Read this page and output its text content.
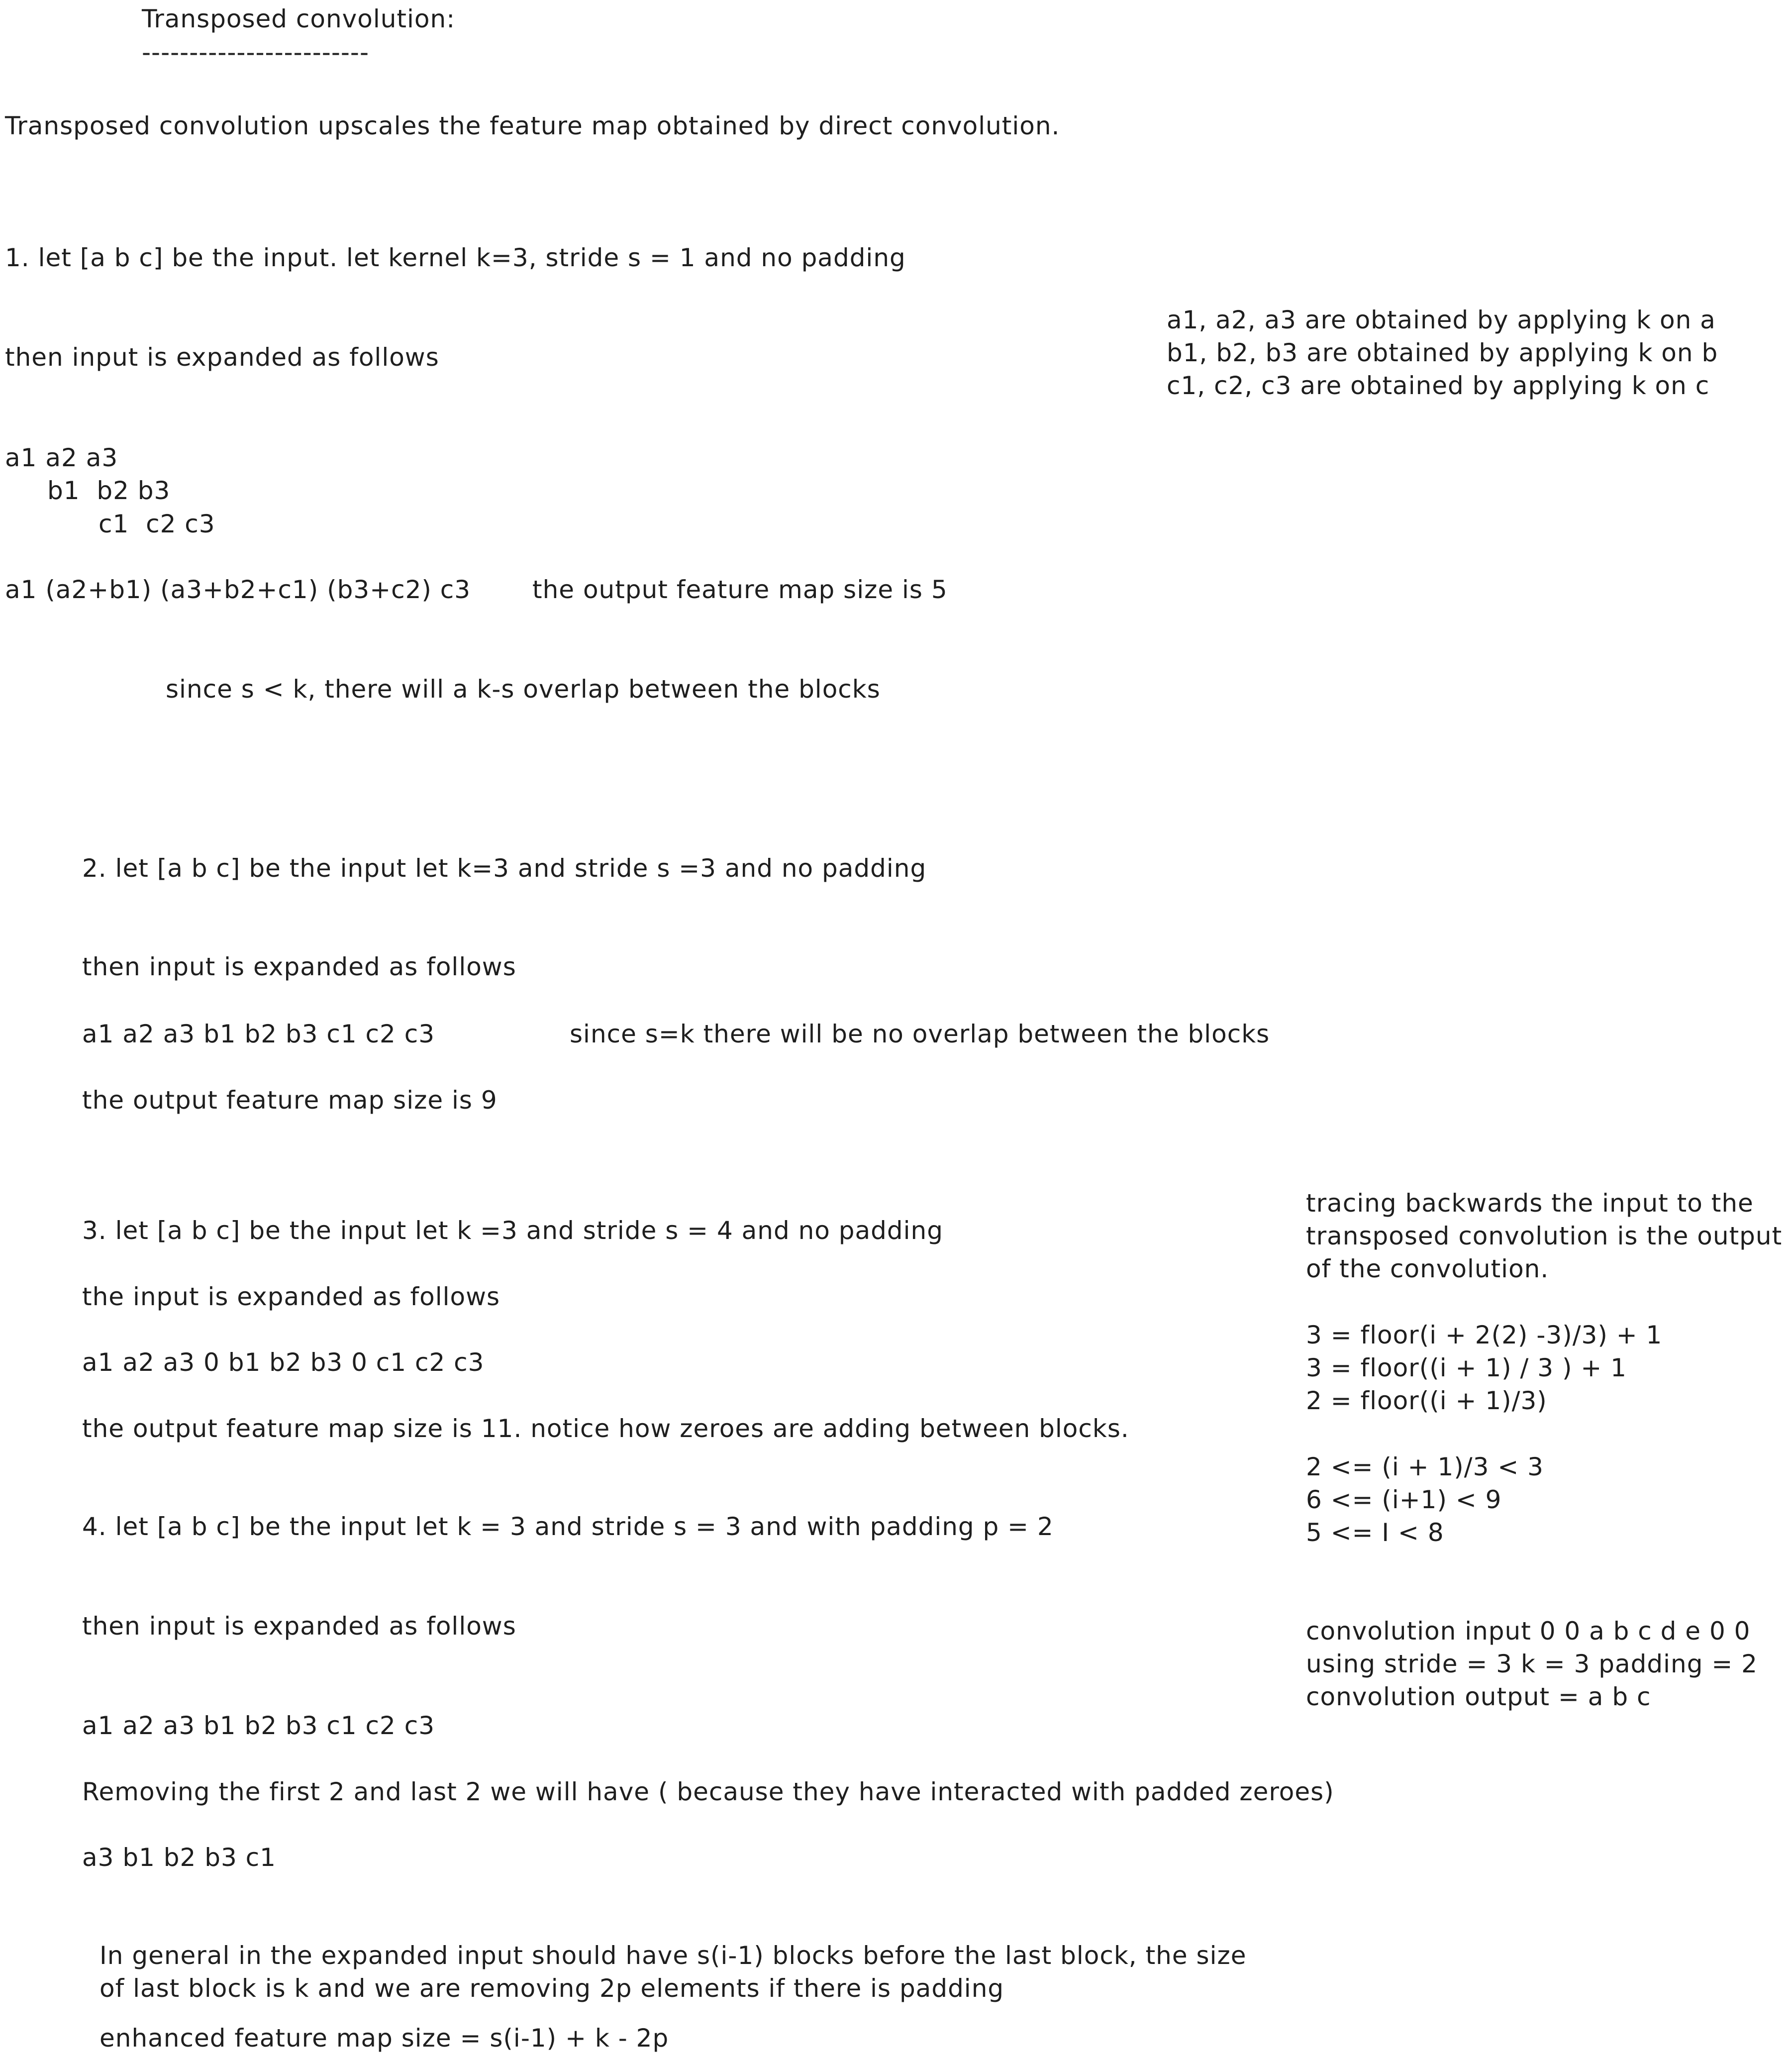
Transposed convolution:

------------------------

Transposed convolution upscales the feature map obtained by direct convolution.

1. let [a b c] be the input. let kernel k=3, stride s = 1 and no padding

then input is expanded as follows

a1, a2, a3 are obtained by applying k on a

b1, b2, b3 are obtained by applying k on b

c1, c2, c3 are obtained by applying k on c

a1 a2 a3

b1  b2 b3

c1  c2 c3

a1 (a2+b1) (a3+b2+c1) (b3+c2) c3 the output feature map size is 5

since s < k, there will a k-s overlap between the blocks

2. let [a b c] be the input let k=3 and stride s =3 and no padding

then input is expanded as follows

a1 a2 a3 b1 b2 b3 c1 c2 c3	since s=k there will be no overlap between the blocks

the output feature map size is 9

3. let [a b c] be the input let k =3 and stride s = 4 and no padding

the input is expanded as follows

a1 a2 a3 0 b1 b2 b3 0 c1 c2 c3

the output feature map size is 11. notice how zeroes are adding between blocks.

tracing backwards the input to the

transposed convolution is the output

of the convolution.

3 = floor(i + 2(2) -3)/3) + 1

3 = floor((i + 1) / 3 ) + 1

2 = floor((i + 1)/3)

2 <= (i + 1)/3 < 3

6 <= (i+1) < 9

5 <= I < 8

convolution input 0 0 a b c d e 0 0

using stride = 3 k = 3 padding = 2

convolution output = a b c

4. let [a b c] be the input let k = 3 and stride s = 3 and with padding p = 2

then input is expanded as follows

a1 a2 a3 b1 b2 b3 c1 c2 c3

Removing the first 2 and last 2 we will have ( because they have interacted with padded zeroes)

a3 b1 b2 b3 c1

In general in the expanded input should have s(i-1) blocks before the last block, the size

of last block is k and we are removing 2p elements if there is padding

enhanced feature map size = s(i-1) + k - 2p
